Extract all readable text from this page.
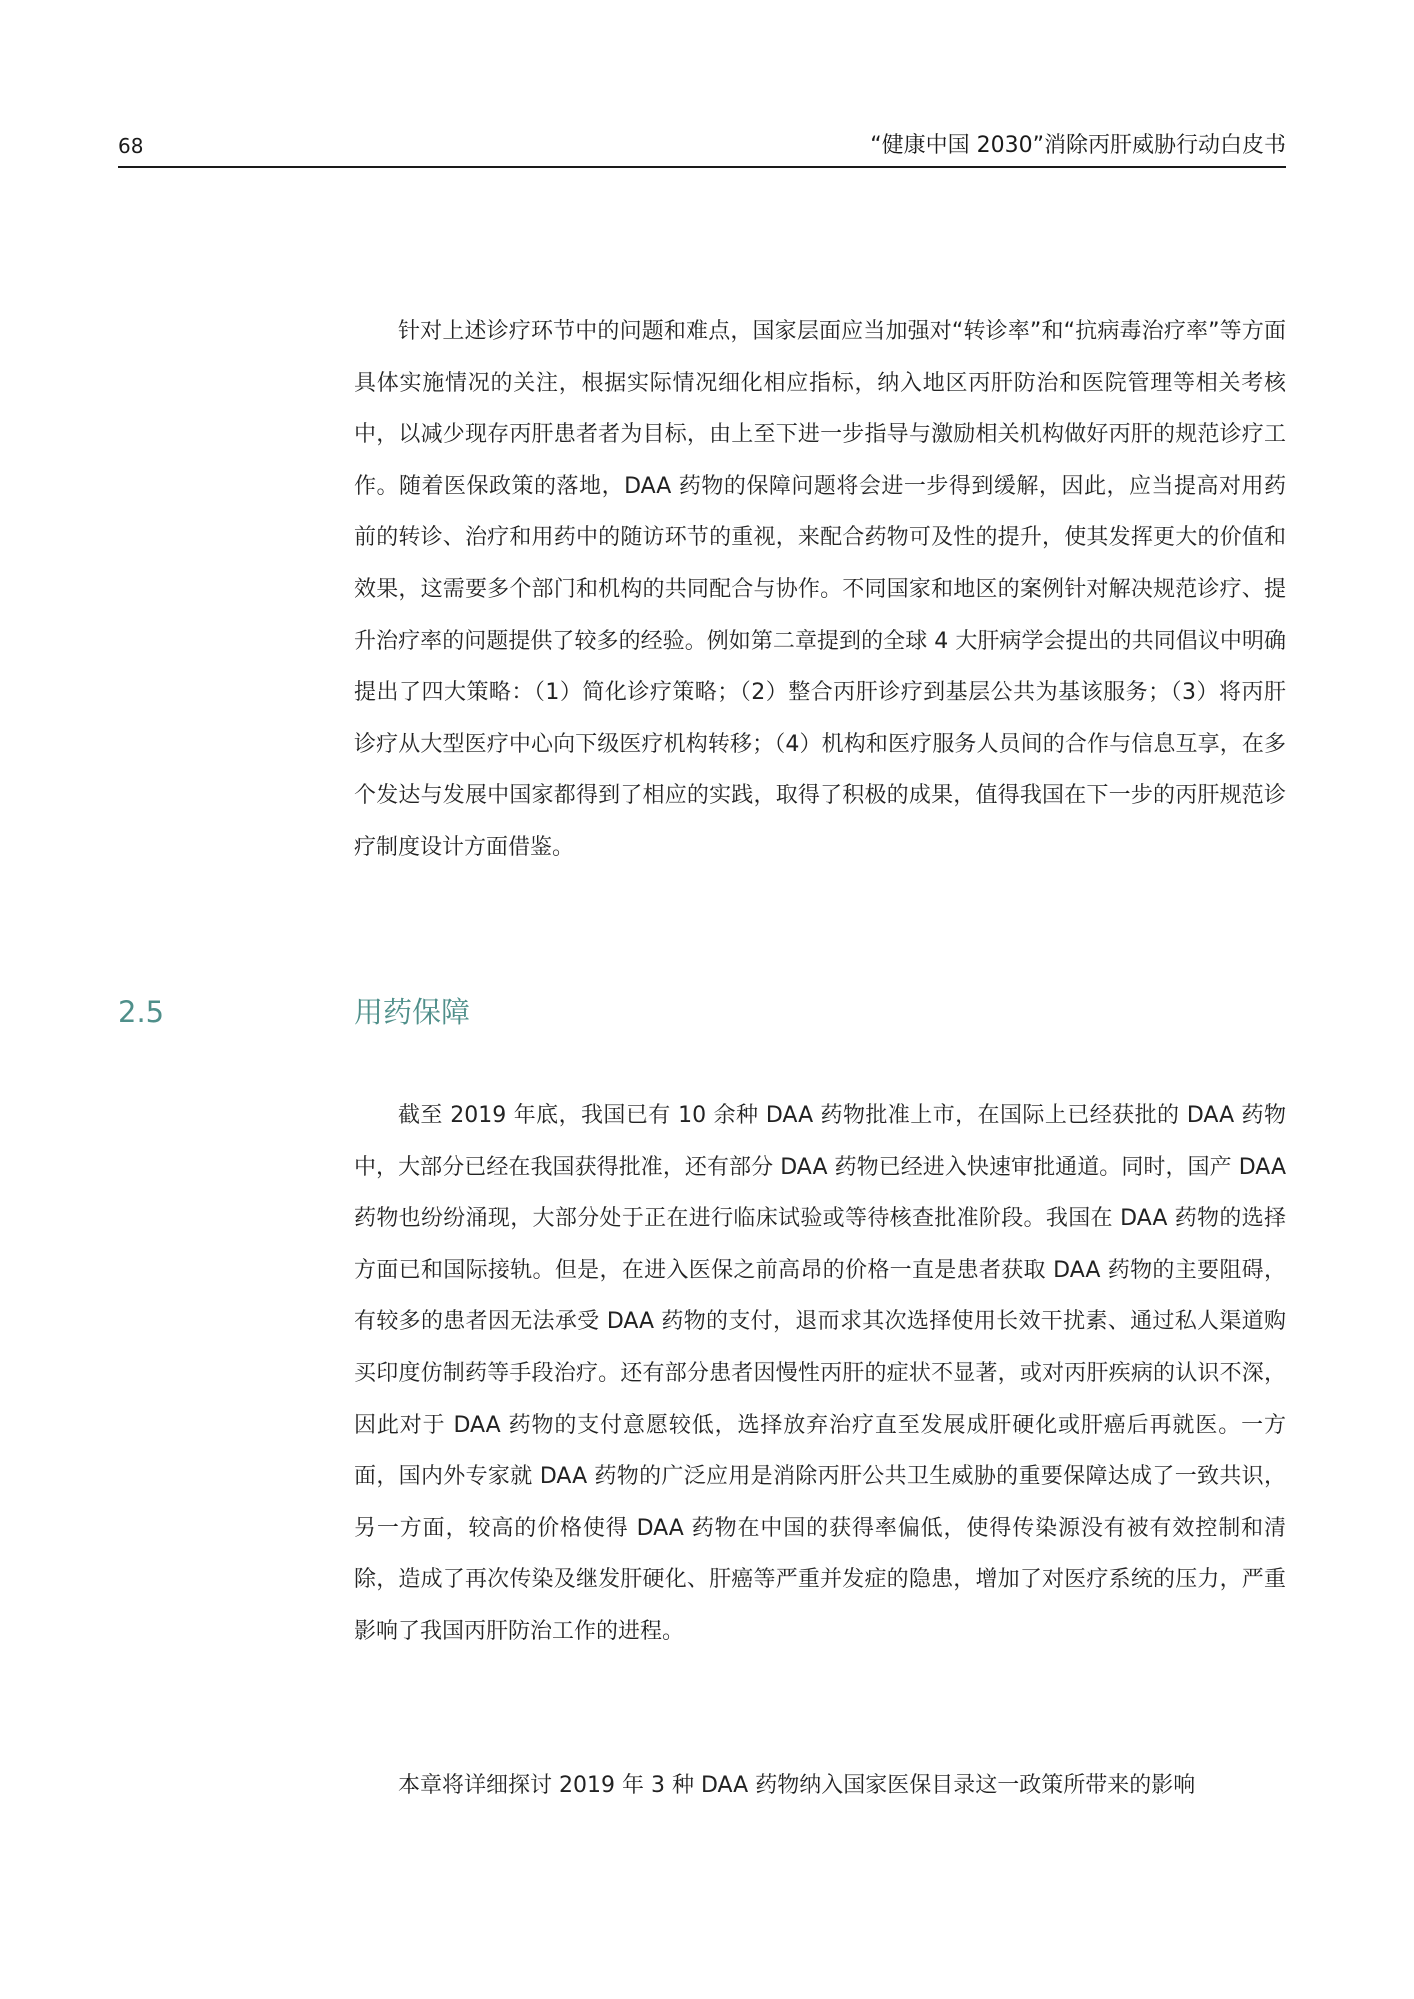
68	“健康中国 2030”消除丙肝威胁行动白皮书

针对上述诊疗环节中的问题和难点，国家层面应当加强对“转诊率”和“抗病毒治疗率”等方面具体实施情况的关注，根据实际情况细化相应指标，纳入地区丙肝防治和医院管理等相关考核中，以减少现存丙肝患者者为目标，由上至下进一步指导与激励相关机构做好丙肝的规范诊疗工作。随着医保政策的落地，DAA 药物的保障问题将会进一步得到缓解，因此，应当提高对用药前的转诊、治疗和用药中的随访环节的重视，来配合药物可及性的提升，使其发挥更大的价值和效果，这需要多个部门和机构的共同配合与协作。不同国家和地区的案例针对解决规范诊疗、提升治疗率的问题提供了较多的经验。例如第二章提到的全球 4 大肝病学会提出的共同倡议中明确提出了四大策略：（1）简化诊疗策略；（2）整合丙肝诊疗到基层公共为基该服务；（3）将丙肝诊疗从大型医疗中心向下级医疗机构转移；（4）机构和医疗服务人员间的合作与信息互享，在多个发达与发展中国家都得到了相应的实践，取得了积极的成果，值得我国在下一步的丙肝规范诊疗制度设计方面借鉴。

2.5	用药保障

截至 2019 年底，我国已有 10 余种 DAA 药物批准上市，在国际上已经获批的 DAA 药物中，大部分已经在我国获得批准，还有部分 DAA 药物已经进入快速审批通道。同时，国产 DAA 药物也纷纷涌现，大部分处于正在进行临床试验或等待核查批准阶段。我国在 DAA 药物的选择方面已和国际接轨。但是，在进入医保之前高昂的价格一直是患者获取 DAA 药物的主要阻碍，有较多的患者因无法承受 DAA 药物的支付，退而求其次选择使用长效干扰素、通过私人渠道购买印度仿制药等手段治疗。还有部分患者因慢性丙肝的症状不显著，或对丙肝疾病的认识不深，因此对于 DAA 药物的支付意愿较低，选择放弃治疗直至发展成肝硬化或肝癌后再就医。一方面，国内外专家就 DAA 药物的广泛应用是消除丙肝公共卫生威胁的重要保障达成了一致共识，另一方面，较高的价格使得 DAA 药物在中国的获得率偏低，使得传染源没有被有效控制和清除，造成了再次传染及继发肝硬化、肝癌等严重并发症的隐患，增加了对医疗系统的压力，严重影响了我国丙肝防治工作的进程。

本章将详细探讨 2019 年 3 种 DAA 药物纳入国家医保目录这一政策所带来的影响
